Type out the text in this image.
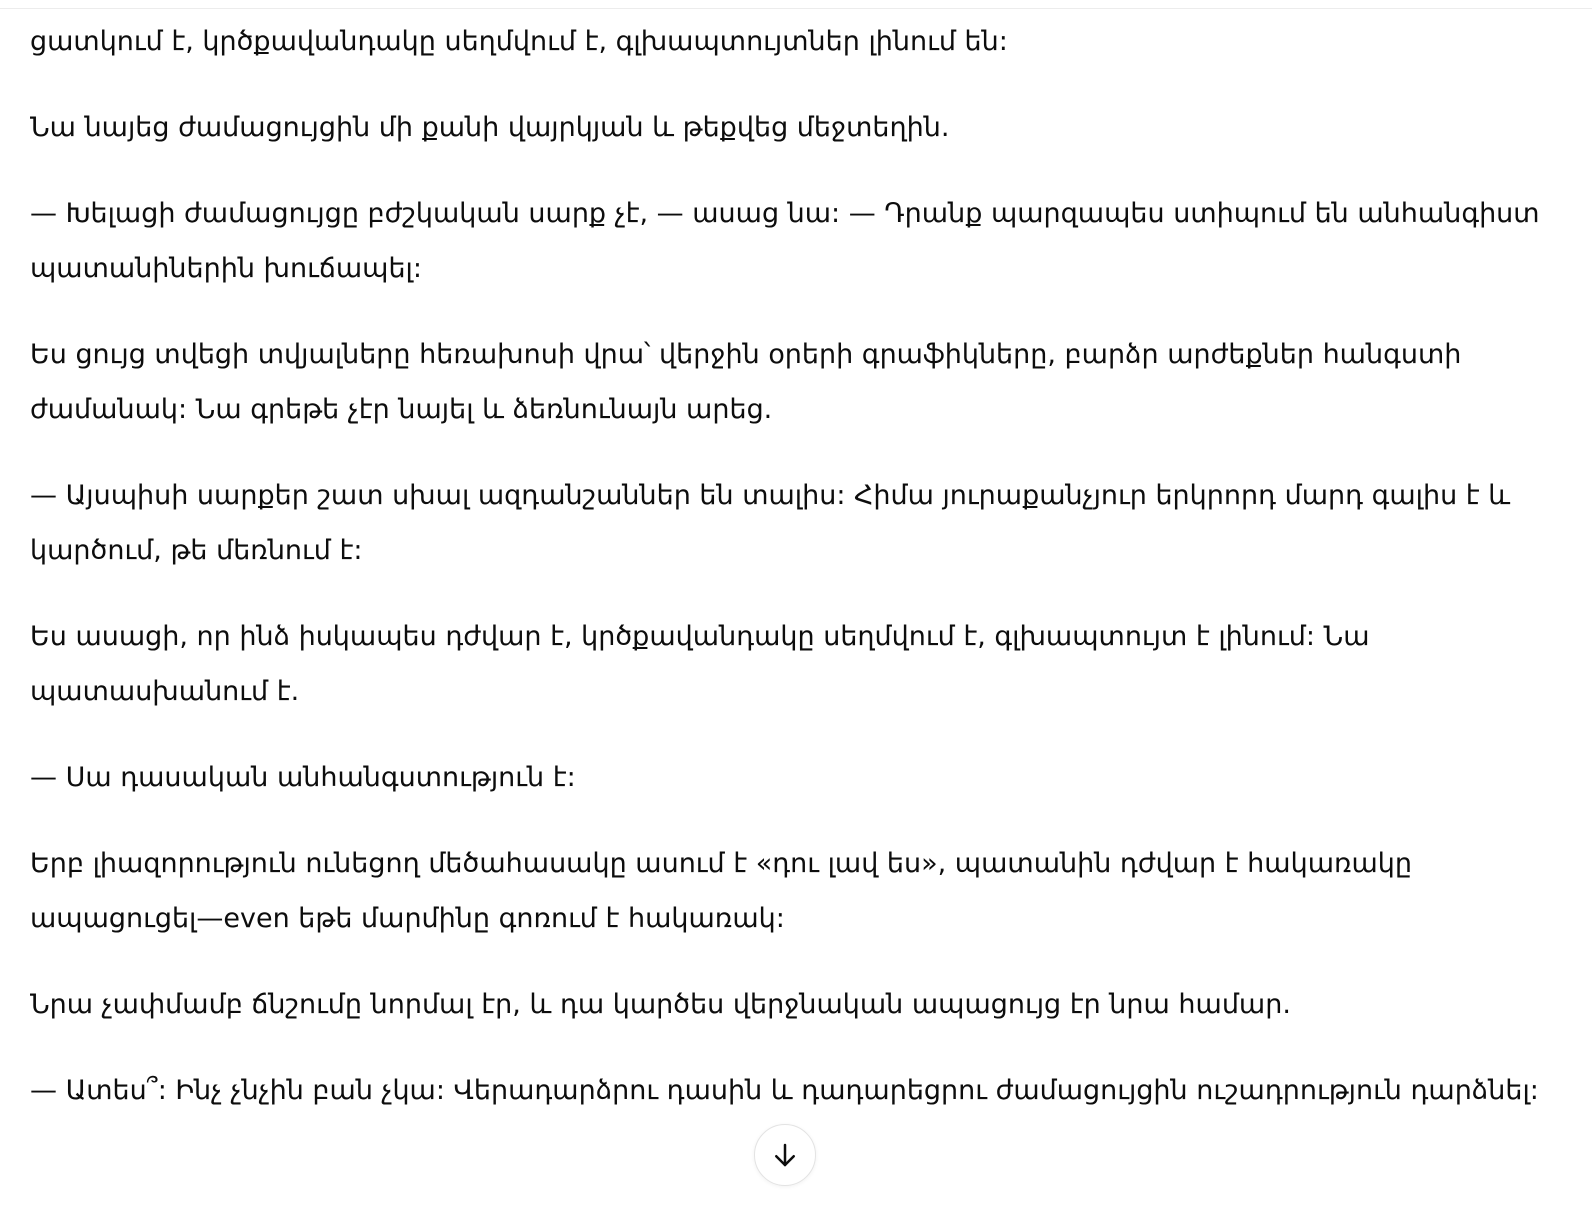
ցատկում է, կրծքավանդակը սեղմվում է, գլխապտույտներ լինում են:

Նա նայեց ժամացույցին մի քանի վայրկյան և թեքվեց մեջտեղին.

— Խելացի ժամացույցը բժշկական սարք չէ, — ասաց նա: — Դրանք պարզապես ստիպում են անհանգիստ պատանիներին խուճապել:

Ես ցույց տվեցի տվյալները հեռախոսի վրա՝ վերջին օրերի գրաֆիկները, բարձր արժեքներ հանգստի ժամանակ: Նա գրեթե չէր նայել և ձեռնունայն արեց.

— Այսպիսի սարքեր շատ սխալ ազդանշաններ են տալիս: Հիմա յուրաքանչյուր երկրորդ մարդ գալիս է և կարծում, թե մեռնում է:

Ես ասացի, որ ինձ իսկապես դժվար է, կրծքավանդակը սեղմվում է, գլխապտույտ է լինում: Նա պատասխանում է.

— Սա դասական անհանգստություն է:

Երբ լիազորություն ունեցող մեծահասակը ասում է «դու լավ ես», պատանին դժվար է հակառակը ապացուցել—even եթե մարմինը գոռում է հակառակ:

Նրա չափմամբ ճնշումը նորմալ էր, և դա կարծես վերջնական ապացույց էր նրա համար.

— Ատես՞: Ինչ չնչին բան չկա: Վերադարձրու դասին և դադարեցրու ժամացույցին ուշադրություն դարձնել:
